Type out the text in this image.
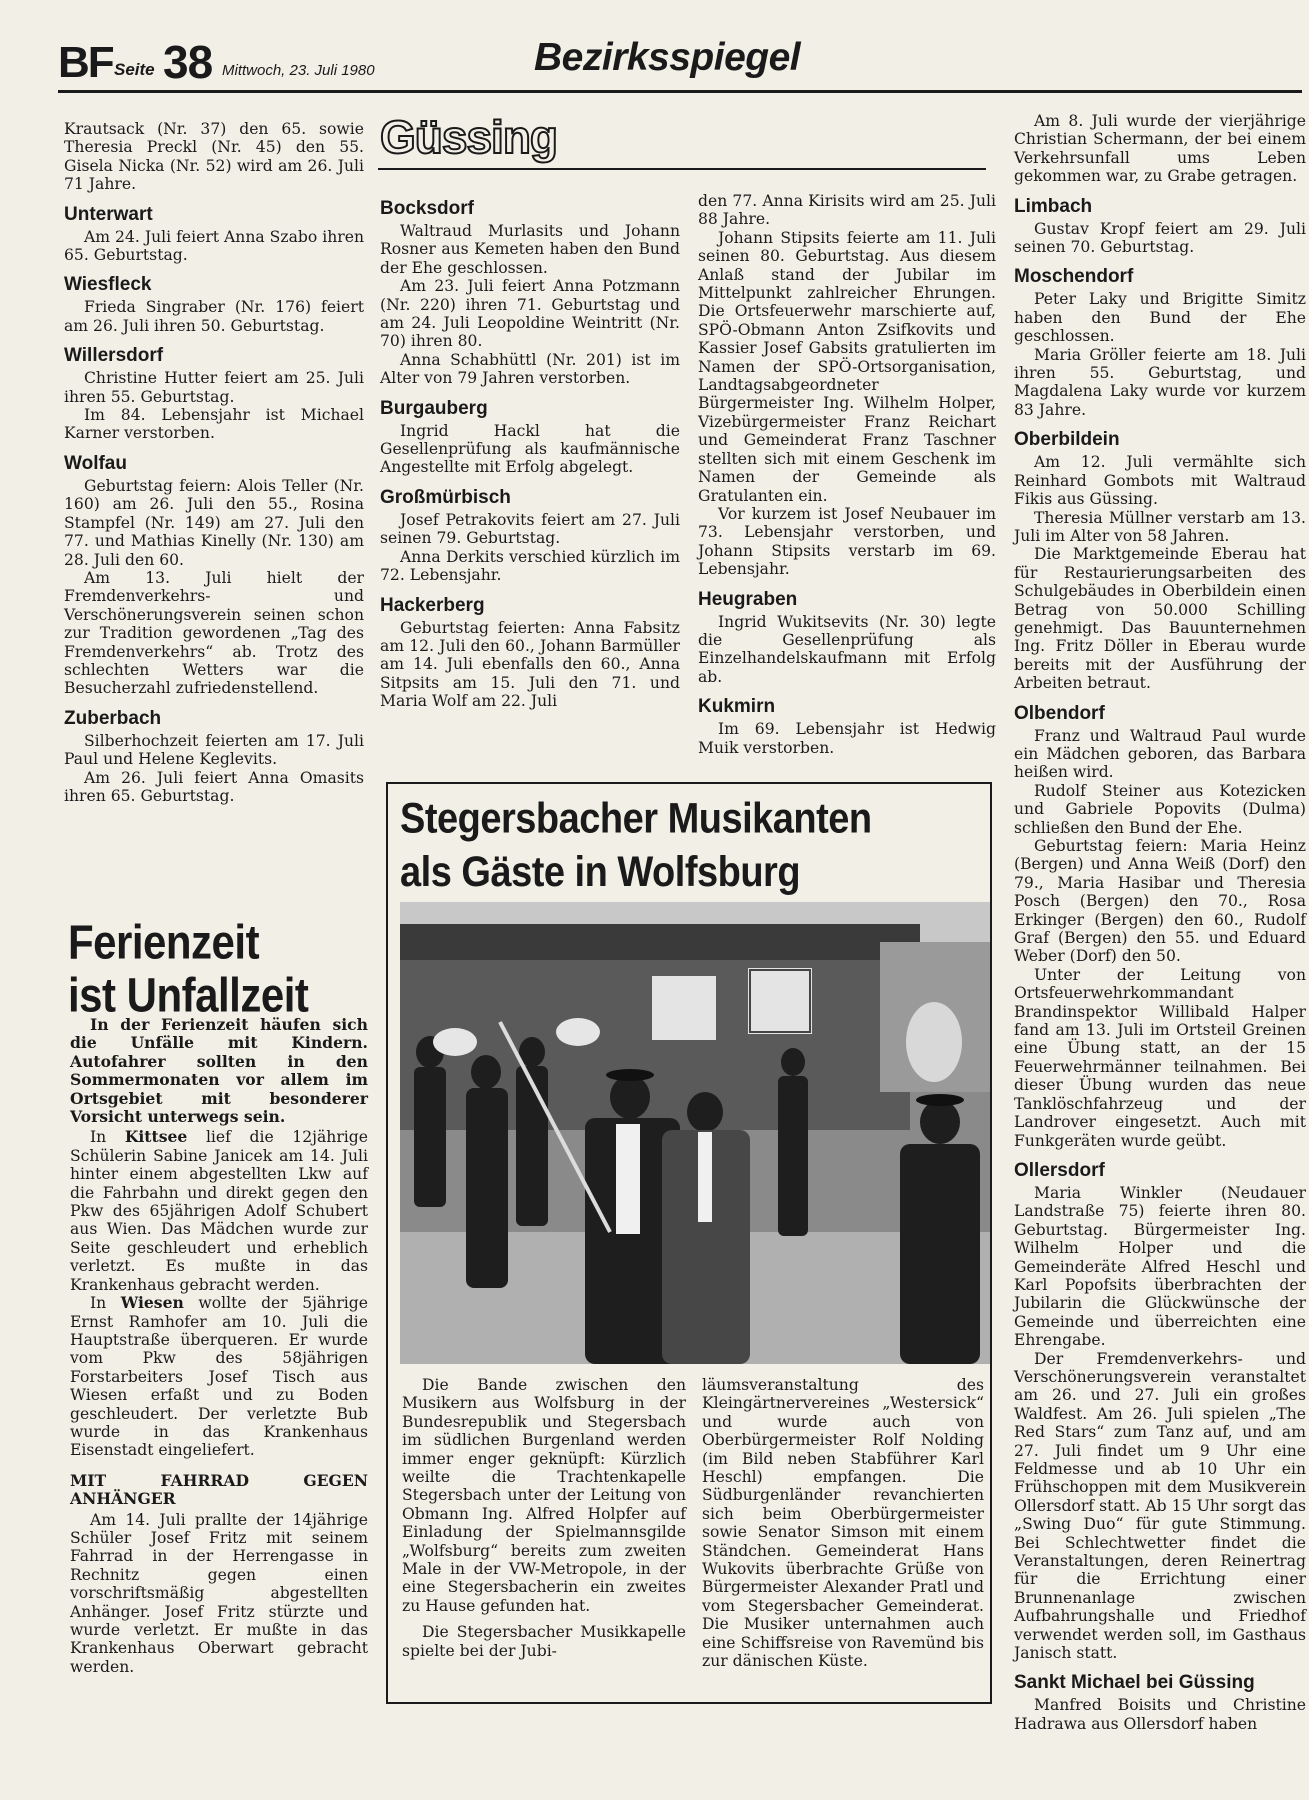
BF Seite 38 Mittwoch, 23. Juli 1980	Bezirksspiegel

Krautsack (Nr. 37) den 65. sowie Theresia Preckl (Nr. 45) den 55. Gisela Nicka (Nr. 52) wird am 26. Juli 71 Jahre.

Unterwart

Am 24. Juli feiert Anna Szabo ihren 65. Geburtstag.

Wiesfleck

Frieda Singraber (Nr. 176) feiert am 26. Juli ihren 50. Geburtstag.

Willersdorf

Christine Hutter feiert am 25. Juli ihren 55. Geburtstag.

Im 84. Lebensjahr ist Michael Karner verstorben.

Wolfau

Geburtstag feiern: Alois Teller (Nr. 160) am 26. Juli den 55., Rosina Stampfel (Nr. 149) am 27. Juli den 77. und Mathias Kinelly (Nr. 130) am 28. Juli den 60.

Am 13. Juli hielt der Fremdenverkehrs- und Verschönerungsverein seinen schon zur Tradition gewordenen „Tag des Fremdenverkehrs“ ab. Trotz des schlechten Wetters war die Besucherzahl zufriedenstellend.

Zuberbach

Silberhochzeit feierten am 17. Juli Paul und Helene Keglevits.

Am 26. Juli feiert Anna Omasits ihren 65. Geburtstag.

Ferienzeit
ist Unfallzeit

In der Ferienzeit häufen sich die Unfälle mit Kindern. Autofahrer sollten in den Sommermonaten vor allem im Ortsgebiet mit besonderer Vorsicht unterwegs sein.

In Kittsee lief die 12jährige Schülerin Sabine Janicek am 14. Juli hinter einem abgestellten Lkw auf die Fahrbahn und direkt gegen den Pkw des 65jährigen Adolf Schubert aus Wien. Das Mädchen wurde zur Seite geschleudert und erheblich verletzt. Es mußte in das Krankenhaus gebracht werden.

In Wiesen wollte der 5jährige Ernst Ramhofer am 10. Juli die Hauptstraße überqueren. Er wurde vom Pkw des 58jährigen Forstarbeiters Josef Tisch aus Wiesen erfaßt und zu Boden geschleudert. Der verletzte Bub wurde in das Krankenhaus Eisenstadt eingeliefert.

MIT FAHRRAD GEGEN ANHÄNGER

Am 14. Juli prallte der 14jährige Schüler Josef Fritz mit seinem Fahrrad in der Herrengasse in Rechnitz gegen einen vorschriftsmäßig abgestellten Anhänger. Josef Fritz stürzte und wurde verletzt. Er mußte in das Krankenhaus Oberwart gebracht werden.

Güssing
Bocksdorf

Waltraud Murlasits und Johann Rosner aus Kemeten haben den Bund der Ehe geschlossen.

Am 23. Juli feiert Anna Potzmann (Nr. 220) ihren 71. Geburtstag und am 24. Juli Leopoldine Weintritt (Nr. 70) ihren 80.

Anna Schabhüttl (Nr. 201) ist im Alter von 79 Jahren verstorben.

Burgauberg

Ingrid Hackl hat die Gesellenprüfung als kaufmännische Angestellte mit Erfolg abgelegt.

Großmürbisch

Josef Petrakovits feiert am 27. Juli seinen 79. Geburtstag.

Anna Derkits verschied kürzlich im 72. Lebensjahr.

Hackerberg

Geburtstag feierten: Anna Fabsitz am 12. Juli den 60., Johann Barmüller am 14. Juli ebenfalls den 60., Anna Sitpsits am 15. Juli den 71. und Maria Wolf am 22. Juli

den 77. Anna Kirisits wird am 25. Juli 88 Jahre.

Johann Stipsits feierte am 11. Juli seinen 80. Geburtstag. Aus diesem Anlaß stand der Jubilar im Mittelpunkt zahlreicher Ehrungen. Die Ortsfeuerwehr marschierte auf, SPÖ-Obmann Anton Zsifkovits und Kassier Josef Gabsits gratulierten im Namen der SPÖ-Ortsorganisation, Landtagsabgeordneter Bürgermeister Ing. Wilhelm Holper, Vizebürgermeister Franz Reichart und Gemeinderat Franz Taschner stellten sich mit einem Geschenk im Namen der Gemeinde als Gratulanten ein.

Vor kurzem ist Josef Neubauer im 73. Lebensjahr verstorben, und Johann Stipsits verstarb im 69. Lebensjahr.

Heugraben

Ingrid Wukitsevits (Nr. 30) legte die Gesellenprüfung als Einzelhandelskaufmann mit Erfolg ab.

Kukmirn

Im 69. Lebensjahr ist Hedwig Muik verstorben.

Stegersbacher Musikanten
als Gäste in Wolfsburg

Die Bande zwischen den Musikern aus Wolfsburg in der Bundesrepublik und Stegersbach im südlichen Burgenland werden immer enger geknüpft: Kürzlich weilte die Trachtenkapelle Stegersbach unter der Leitung von Obmann Ing. Alfred Holpfer auf Einladung der Spielmannsgilde „Wolfsburg“ bereits zum zweiten Male in der VW-Metropole, in der eine Stegersbacherin ein zweites zu Hause gefunden hat.

Die Stegersbacher Musikkapelle spielte bei der Jubi-

läumsveranstaltung des Kleingärtnervereines „Westersick“ und wurde auch von Oberbürgermeister Rolf Nolding (im Bild neben Stabführer Karl Heschl) empfangen. Die Südburgenländer revanchierten sich beim Oberbürgermeister sowie Senator Simson mit einem Ständchen. Gemeinderat Hans Wukovits überbrachte Grüße von Bürgermeister Alexander Pratl und vom Stegersbacher Gemeinderat. Die Musiker unternahmen auch eine Schiffsreise von Ravemünd bis zur dänischen Küste.

Am 8. Juli wurde der vierjährige Christian Schermann, der bei einem Verkehrsunfall ums Leben gekommen war, zu Grabe getragen.

Limbach

Gustav Kropf feiert am 29. Juli seinen 70. Geburtstag.

Moschendorf

Peter Laky und Brigitte Simitz haben den Bund der Ehe geschlossen.

Maria Gröller feierte am 18. Juli ihren 55. Geburtstag, und Magdalena Laky wurde vor kurzem 83 Jahre.

Oberbildein

Am 12. Juli vermählte sich Reinhard Gombots mit Waltraud Fikis aus Güssing.

Theresia Müllner verstarb am 13. Juli im Alter von 58 Jahren.

Die Marktgemeinde Eberau hat für Restaurierungsarbeiten des Schulgebäudes in Oberbildein einen Betrag von 50.000 Schilling genehmigt. Das Bauunternehmen Ing. Fritz Döller in Eberau wurde bereits mit der Ausführung der Arbeiten betraut.

Olbendorf

Franz und Waltraud Paul wurde ein Mädchen geboren, das Barbara heißen wird.

Rudolf Steiner aus Kotezicken und Gabriele Popovits (Dulma) schließen den Bund der Ehe.

Geburtstag feiern: Maria Heinz (Bergen) und Anna Weiß (Dorf) den 79., Maria Hasibar und Theresia Posch (Bergen) den 70., Rosa Erkinger (Bergen) den 60., Rudolf Graf (Bergen) den 55. und Eduard Weber (Dorf) den 50.

Unter der Leitung von Ortsfeuerwehrkommandant Brandinspektor Willibald Halper fand am 13. Juli im Ortsteil Greinen eine Übung statt, an der 15 Feuerwehrmänner teilnahmen. Bei dieser Übung wurden das neue Tanklöschfahrzeug und der Landrover eingesetzt. Auch mit Funkgeräten wurde geübt.

Ollersdorf

Maria Winkler (Neudauer Landstraße 75) feierte ihren 80. Geburtstag. Bürgermeister Ing. Wilhelm Holper und die Gemeinderäte Alfred Heschl und Karl Popofsits überbrachten der Jubilarin die Glückwünsche der Gemeinde und überreichten eine Ehrengabe.

Der Fremdenverkehrs- und Verschönerungsverein veranstaltet am 26. und 27. Juli ein großes Waldfest. Am 26. Juli spielen „The Red Stars“ zum Tanz auf, und am 27. Juli findet um 9 Uhr eine Feldmesse und ab 10 Uhr ein Frühschoppen mit dem Musikverein Ollersdorf statt. Ab 15 Uhr sorgt das „Swing Duo“ für gute Stimmung. Bei Schlechtwetter findet die Veranstaltungen, deren Reinertrag für die Errichtung einer Brunnenanlage zwischen Aufbahrungshalle und Friedhof verwendet werden soll, im Gasthaus Janisch statt.

Sankt Michael bei Güssing

Manfred Boisits und Christine Hadrawa aus Ollersdorf haben
